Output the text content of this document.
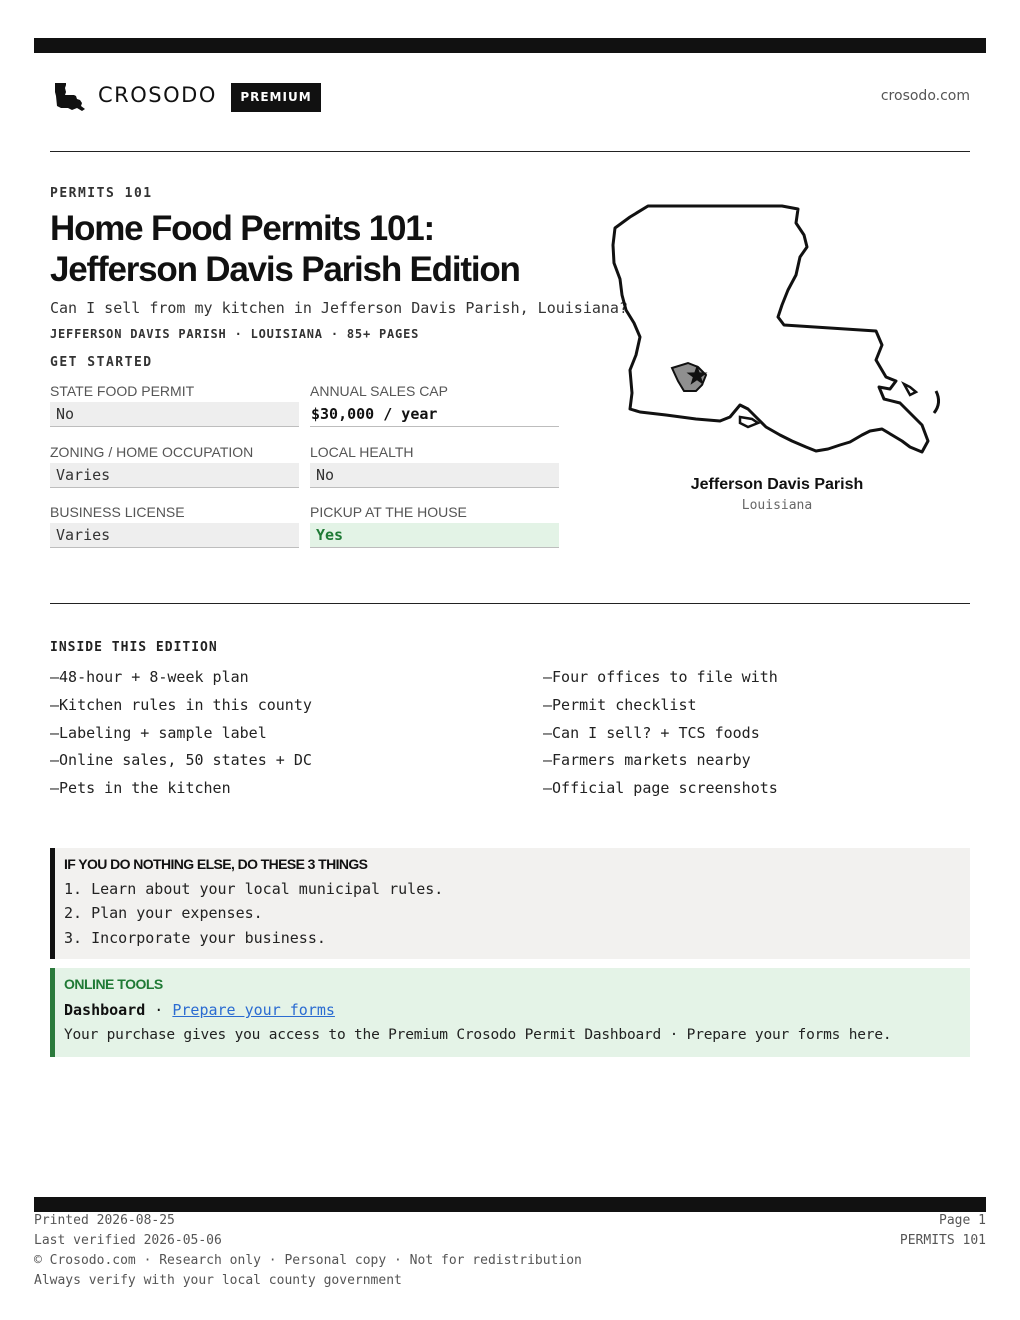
CROSODO	PREMIUM	crosodo.com
PERMITS 101
Home Food Permits 101:
Jefferson Davis Parish Edition
Can I sell from my kitchen in Jefferson Davis Parish, Louisiana?
JEFFERSON DAVIS PARISH · LOUISIANA · 85+ PAGES
GET STARTED
STATE FOOD PERMIT
No
ANNUAL SALES CAP
$30,000 / year
ZONING / HOME OCCUPATION
Varies
LOCAL HEALTH
No
BUSINESS LICENSE
Varies
PICKUP AT THE HOUSE
Yes
Jefferson Davis Parish
Louisiana
INSIDE THIS EDITION
—48-hour + 8-week plan
—Kitchen rules in this county
—Labeling + sample label
—Online sales, 50 states + DC
—Pets in the kitchen
—Four offices to file with
—Permit checklist
—Can I sell? + TCS foods
—Farmers markets nearby
—Official page screenshots
IF YOU DO NOTHING ELSE, DO THESE 3 THINGS
1. Learn about your local municipal rules.
2. Plan your expenses.
3. Incorporate your business.
ONLINE TOOLS
Dashboard · Prepare your forms
Your purchase gives you access to the Premium Crosodo Permit Dashboard · Prepare your forms here.
Printed 2026-08-25
Last verified 2026-05-06
© Crosodo.com · Research only · Personal copy · Not for redistribution
Always verify with your local county government
Page 1
PERMITS 101
